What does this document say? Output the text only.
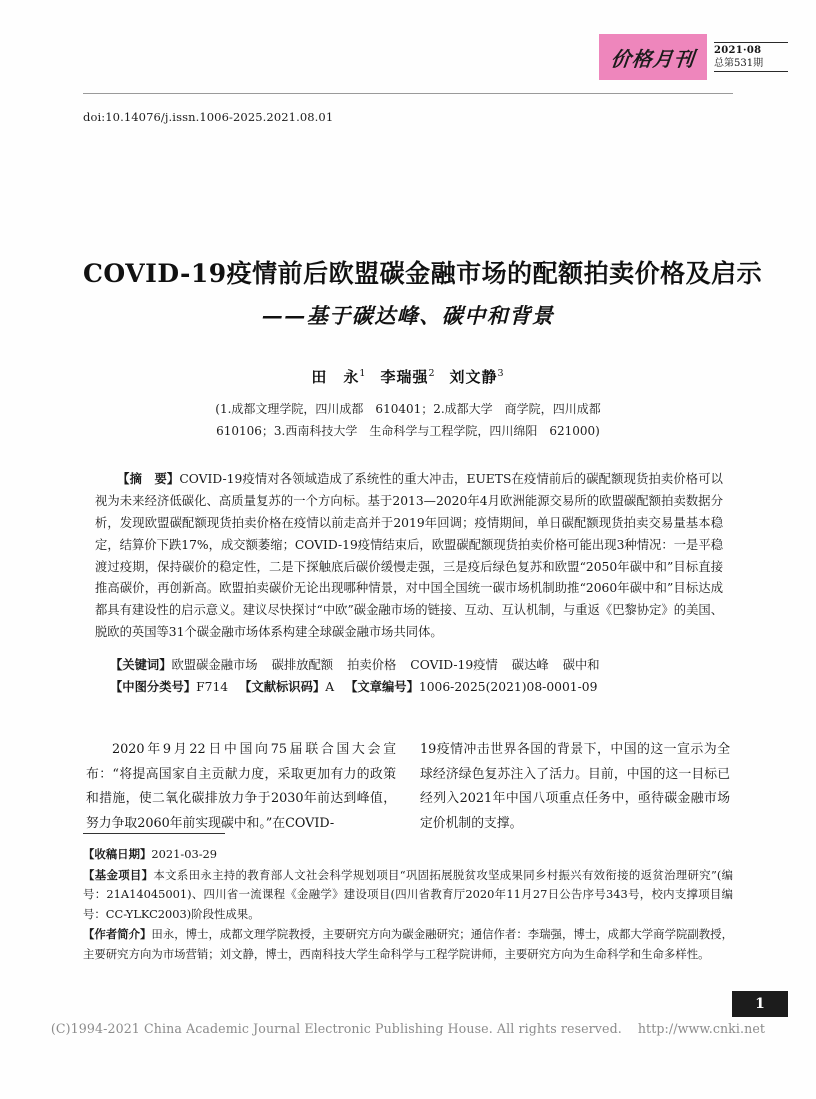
价格月刊 2021·08
总第531期
doi:10.14076/j.issn.1006-2025.2021.08.01
COVID-19疫情前后欧盟碳金融市场的配额拍卖价格及启示
——基于碳达峰、碳中和背景
田　永$^1$ 李瑞强$^2$ 刘文静$^3$
(1.成都文理学院，四川成都　610401；2.成都大学　商学院，四川成都
610106；3.西南科技大学　生命科学与工程学院，四川绵阳　621000)
【摘　要】COVID-19疫情对各领域造成了系统性的重大冲击，EUETS在疫情前后的碳配额现货拍卖价格可以视为未来经济低碳化、高质量复苏的一个方向标。基于2013—2020年4月欧洲能源交易所的欧盟碳配额拍卖数据分析，发现欧盟碳配额现货拍卖价格在疫情以前走高并于2019年回调；疫情期间，单日碳配额现货拍卖交易量基本稳定，结算价下跌17%，成交额萎缩；COVID-19疫情结束后，欧盟碳配额现货拍卖价格可能出现3种情况：一是平稳渡过疫期，保持碳价的稳定性，二是下探触底后碳价缓慢走强，三是疫后绿色复苏和欧盟“2050年碳中和”目标直接推高碳价，再创新高。欧盟拍卖碳价无论出现哪种情景，对中国全国统一碳市场机制助推“2060年碳中和”目标达成都具有建设性的启示意义。建议尽快探讨“中欧”碳金融市场的链接、互动、互认机制，与重返《巴黎协定》的美国、脱欧的英国等31个碳金融市场体系构建全球碳金融市场共同体。
【关键词】欧盟碳金融市场 碳排放配额 拍卖价格 COVID-19疫情 碳达峰 碳中和
【中图分类号】F714 【文献标识码】A 【文章编号】1006-2025(2021)08-0001-09
2020年9月22日中国向75届联合国大会宣布：“将提高国家自主贡献力度，采取更加有力的政策和措施，使二氧化碳排放力争于2030年前达到峰值，努力争取2060年前实现碳中和。”在COVID-
19疫情冲击世界各国的背景下，中国的这一宣示为全球经济绿色复苏注入了活力。目前，中国的这一目标已经列入2021年中国八项重点任务中，亟待碳金融市场定价机制的支撑。

【收稿日期】2021-03-29

【基金项目】本文系田永主持的教育部人文社会科学规划项目“巩固拓展脱贫攻坚成果同乡村振兴有效衔接的返贫治理研究”(编号：21A14045001)、四川省一流课程《金融学》建设项目(四川省教育厅2020年11月27日公告序号343号，校内支撑项目编号：CC-YLKC2003)阶段性成果。

【作者简介】田永，博士，成都文理学院教授，主要研究方向为碳金融研究；通信作者：李瑞强，博士，成都大学商学院副教授，主要研究方向为市场营销；刘文静，博士，西南科技大学生命科学与工程学院讲师，主要研究方向为生命科学和生命多样性。

1
(C)1994-2021 China Academic Journal Electronic Publishing House. All rights reserved. http://www.cnki.net
